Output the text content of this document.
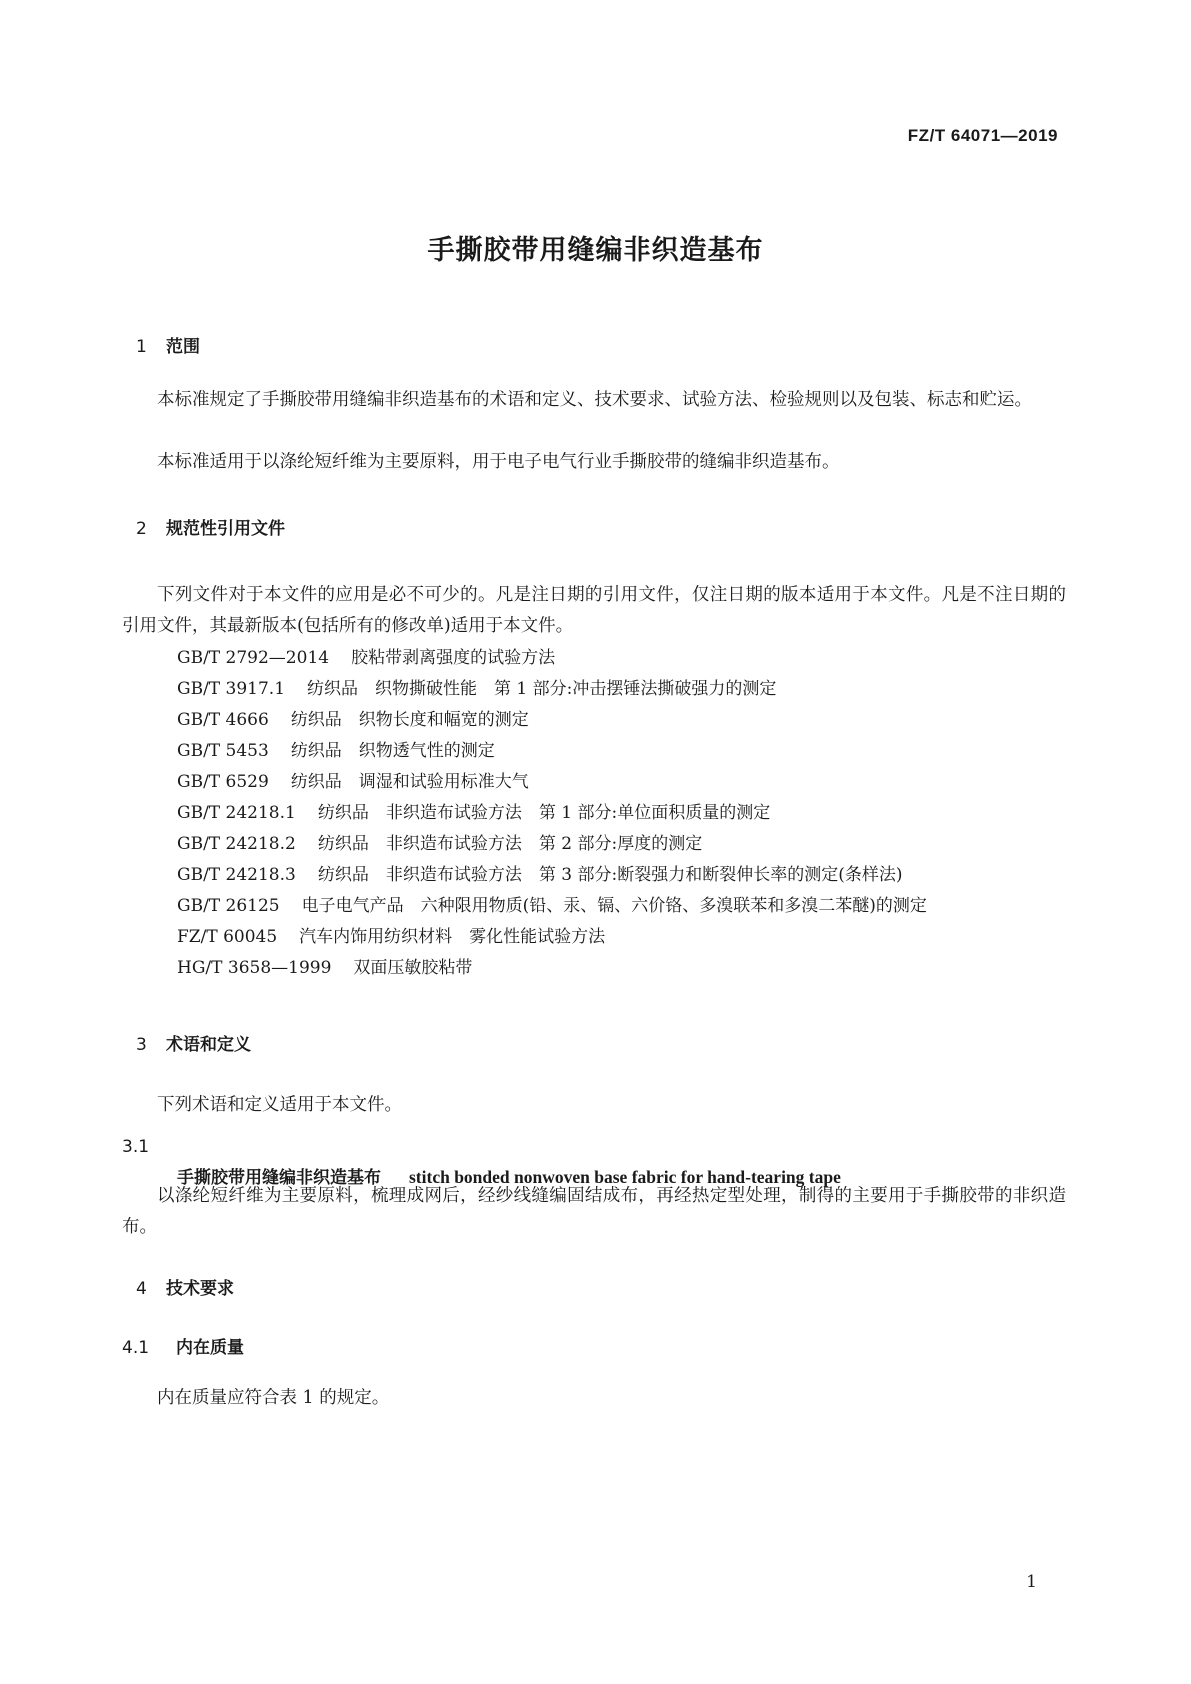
FZ/T 64071—2019
手撕胶带用缝编非织造基布
1 范围
本标准规定了手撕胶带用缝编非织造基布的术语和定义、技术要求、试验方法、检验规则以及包装、标志和贮运。
本标准适用于以涤纶短纤维为主要原料，用于电子电气行业手撕胶带的缝编非织造基布。
2 规范性引用文件
下列文件对于本文件的应用是必不可少的。凡是注日期的引用文件，仅注日期的版本适用于本文件。凡是不注日期的引用文件，其最新版本(包括所有的修改单)适用于本文件。
GB/T 2792—2014 胶粘带剥离强度的试验方法
GB/T 3917.1 纺织品　织物撕破性能　第 1 部分:冲击摆锤法撕破强力的测定
GB/T 4666 纺织品　织物长度和幅宽的测定
GB/T 5453 纺织品　织物透气性的测定
GB/T 6529 纺织品　调湿和试验用标准大气
GB/T 24218.1 纺织品　非织造布试验方法　第 1 部分:单位面积质量的测定
GB/T 24218.2 纺织品　非织造布试验方法　第 2 部分:厚度的测定
GB/T 24218.3 纺织品　非织造布试验方法　第 3 部分:断裂强力和断裂伸长率的测定(条样法)
GB/T 26125 电子电气产品　六种限用物质(铅、汞、镉、六价铬、多溴联苯和多溴二苯醚)的测定
FZ/T 60045 汽车内饰用纺织材料　雾化性能试验方法
HG/T 3658—1999 双面压敏胶粘带
3 术语和定义
下列术语和定义适用于本文件。
3.1
手撕胶带用缝编非织造基布 stitch bonded nonwoven base fabric for hand-tearing tape
以涤纶短纤维为主要原料，梳理成网后，经纱线缝编固结成布，再经热定型处理，制得的主要用于手撕胶带的非织造布。
4 技术要求
4.1 内在质量
内在质量应符合表 1 的规定。
1
